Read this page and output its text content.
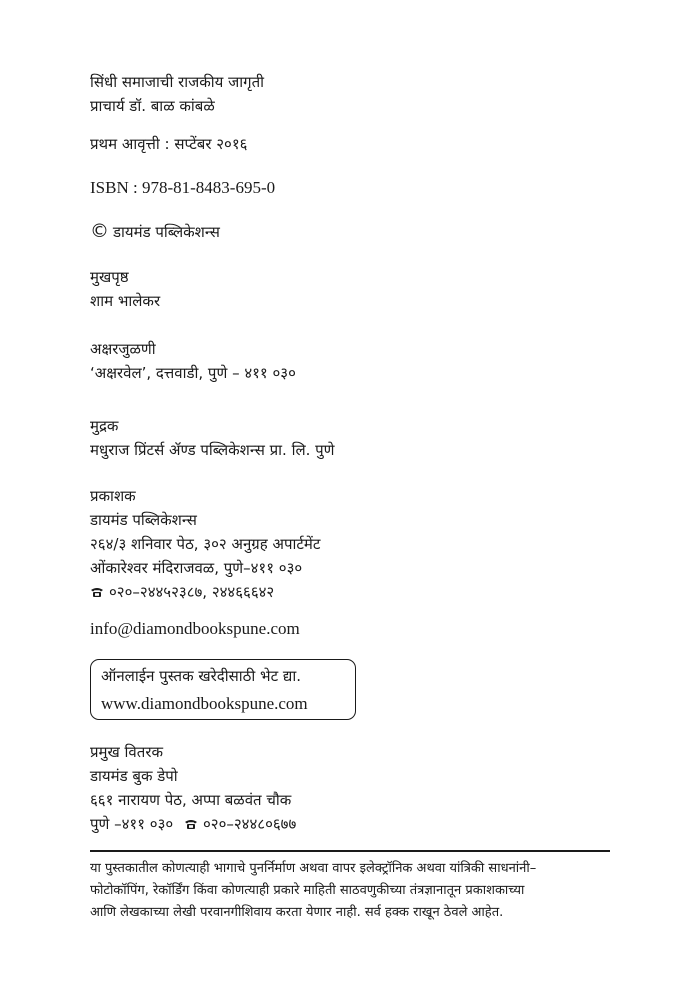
सिंधी समाजाची राजकीय जागृती
प्राचार्य डॉ. बाळ कांबळे
प्रथम आवृत्ती : सप्टेंबर २०१६
ISBN : 978-81-8483-695-0
© डायमंड पब्लिकेशन्स
मुखपृष्ठ
शाम भालेकर
अक्षरजुळणी
‘अक्षरवेल’, दत्तवाडी, पुणे – ४११ ०३०
मुद्रक
मधुराज प्रिंटर्स ॲण्ड पब्लिकेशन्स प्रा. लि. पुणे
प्रकाशक
डायमंड पब्लिकेशन्स
२६४/३ शनिवार पेठ, ३०२ अनुग्रह अपार्टमेंट
ओंकारेश्वर मंदिराजवळ, पुणे–४११ ०३०
०२०–२४४५२३८७, २४४६६६४२
info@diamondbookspune.com
ऑनलाईन पुस्तक खरेदीसाठी भेट द्या.
www.diamondbookspune.com
प्रमुख वितरक
डायमंड बुक डेपो
६६१ नारायण पेठ, अप्पा बळवंत चौक
पुणे –४११ ०३० ०२०–२४४८०६७७
या पुस्तकातील कोणत्याही भागाचे पुनर्निर्माण अथवा वापर इलेक्ट्रॉनिक अथवा यांत्रिकी साधनांनी–
फोटोकॉपिंग, रेकॉर्डिंग किंवा कोणत्याही प्रकारे माहिती साठवणुकीच्या तंत्रज्ञानातून प्रकाशकाच्या
आणि लेखकाच्या लेखी परवानगीशिवाय करता येणार नाही. सर्व हक्क राखून ठेवले आहेत.
